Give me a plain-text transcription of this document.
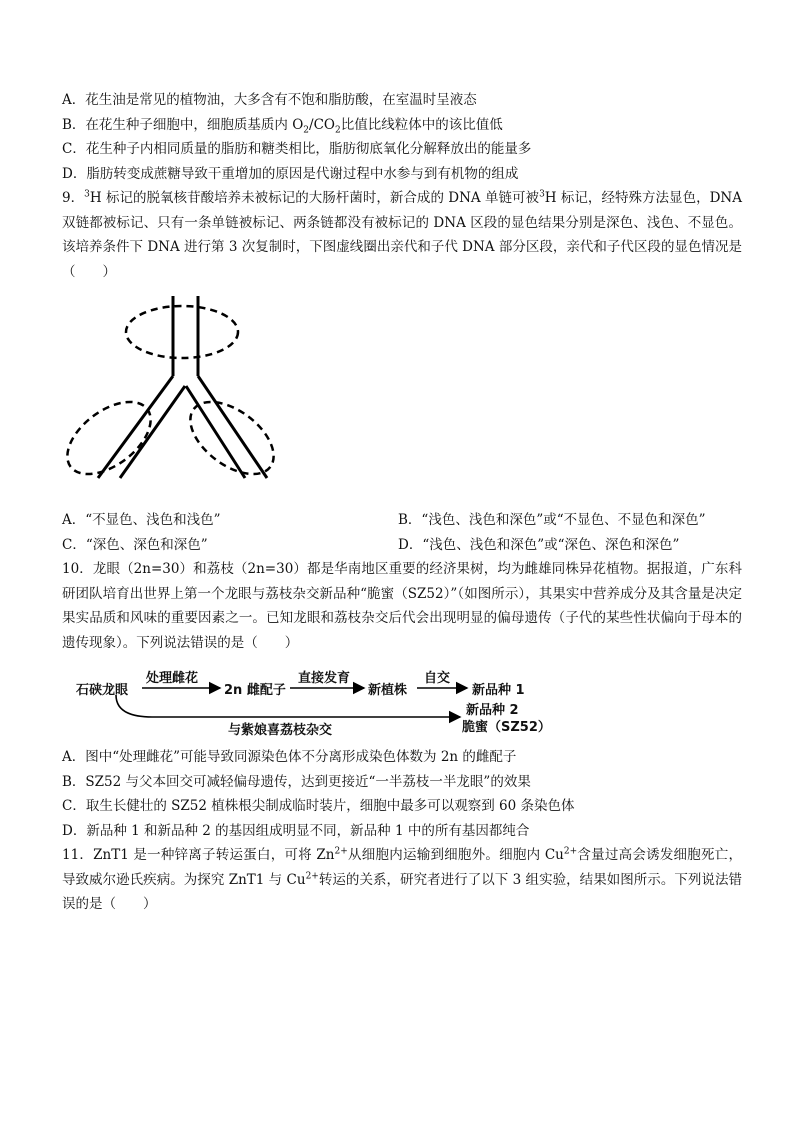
A．花生油是常见的植物油，大多含有不饱和脂肪酸，在室温时呈液态
B．在花生种子细胞中，细胞质基质内 $O_2/CO_2$比值比线粒体中的该比值低
C．花生种子内相同质量的脂肪和糖类相比，脂肪彻底氧化分解释放出的能量多
D．脂肪转变成蔗糖导致干重增加的原因是代谢过程中水参与到有机物的组成
9．$^3$H 标记的脱氧核苷酸培养未被标记的大肠杆菌时，新合成的 DNA 单链可被$^3$H 标记，经特殊方法显色，DNA 双链都被标记、只有一条单链被标记、两条链都没有被标记的 DNA 区段的显色结果分别是深色、浅色、不显色。该培养条件下 DNA 进行第 3 次复制时，下图虚线圈出亲代和子代 DNA 部分区段，亲代和子代区段的显色情况是（　　）
A．“不显色、浅色和浅色”	B．“浅色、浅色和深色”或“不显色、不显色和深色”
C．“深色、深色和深色”	D．“浅色、浅色和深色”或“深色、深色和深色”
10．龙眼（2n=30）和荔枝（2n=30）都是华南地区重要的经济果树，均为雌雄同株异花植物。据报道，广东科研团队培育出世界上第一个龙眼与荔枝杂交新品种“脆蜜（SZ52）”（如图所示），其果实中营养成分及其含量是决定果实品质和风味的重要因素之一。已知龙眼和荔枝杂交后代会出现明显的偏母遗传（子代的某些性状偏向于母本的遗传现象）。下列说法错误的是（　　）
石硖龙眼
处理雌花
2n 雌配子
直接发育
新植株
自交
新品种 1
与紫娘喜荔枝杂交
新品种 2
脆蜜（SZ52）
A．图中“处理雌花”可能导致同源染色体不分离形成染色体数为 2n 的雌配子
B．SZ52 与父本回交可减轻偏母遗传，达到更接近“一半荔枝一半龙眼”的效果
C．取生长健壮的 SZ52 植株根尖制成临时装片，细胞中最多可以观察到 60 条染色体
D．新品种 1 和新品种 2 的基因组成明显不同，新品种 1 中的所有基因都纯合
11．ZnT1 是一种锌离子转运蛋白，可将 $Zn^{2+}$从细胞内运输到细胞外。细胞内 $Cu^{2+}$含量过高会诱发细胞死亡，导致威尔逊氏疾病。为探究 ZnT1 与 $Cu^{2+}$转运的关系，研究者进行了以下 3 组实验，结果如图所示。下列说法错误的是（　　）
